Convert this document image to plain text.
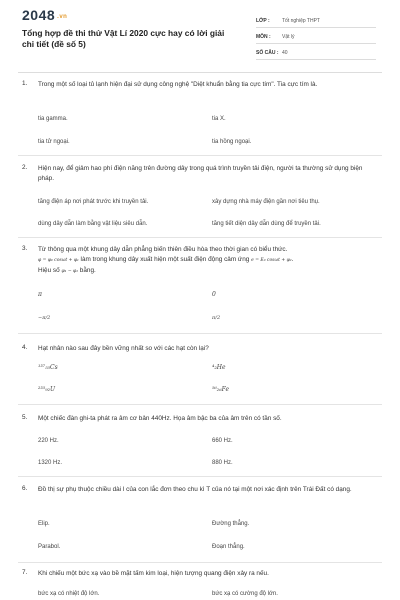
2048 .vn
Tổng hợp đề thi thử Vật Lí 2020 cực hay có lời giải chi tiết (đề số 5)
LỚP :	Tốt nghiệp THPT
MÔN :	Vật lý
SỐ CÂU : 40
1. Trong một số loại tủ lạnh hiện đại sử dụng công nghệ "Diệt khuẩn bằng tia cực tím". Tia cực tím là.
tia gamma.	tia X.
tia tử ngoại.	tia hồng ngoại.
2. Hiện nay, để giảm hao phí điện năng trên đường dây trong quá trình truyền tải điện, người ta thường sử dụng biện pháp.
tăng điện áp nơi phát trước khi truyền tải.	xây dựng nhà máy điện gần nơi tiêu thụ.
dùng dây dẫn làm bằng vật liệu siêu dẫn.	tăng tiết diện dây dẫn dùng để truyền tải.
3. Từ thông qua một khung dây dẫn phẳng biến thiên điều hòa theo thời gian có biểu thức.
φ = φ₀ cosωt + φ₁ làm trong khung dây xuất hiện một suất điện động cảm ứng e = E₀ cosωt + φ₂.
Hiệu số φ₁ − φ₂ bằng.
π	0
−π/2	π/2
4. Hạt nhân nào sau đây bền vững nhất so với các hạt còn lại?
¹³⁷₅₅Cs	⁴₂He
²³⁵₉₂U	⁵⁶₂₆Fe
5. Một chiếc đàn ghi-ta phát ra âm cơ bản 440Hz. Họa âm bậc ba của âm trên có tần số.
220 Hz.	660 Hz.
1320 Hz.	880 Hz.
6. Đồ thị sự phụ thuộc chiều dài l của con lắc đơn theo chu kì T của nó tại một nơi xác định trên Trái Đất có dạng.
Elip.	Đường thẳng.
Parabol.	Đoạn thẳng.
7. Khi chiếu một bức xạ vào bề mặt tấm kim loại, hiện tượng quang điện xảy ra nếu.
bức xạ có nhiệt độ lớn.	bức xạ có cường độ lớn.
